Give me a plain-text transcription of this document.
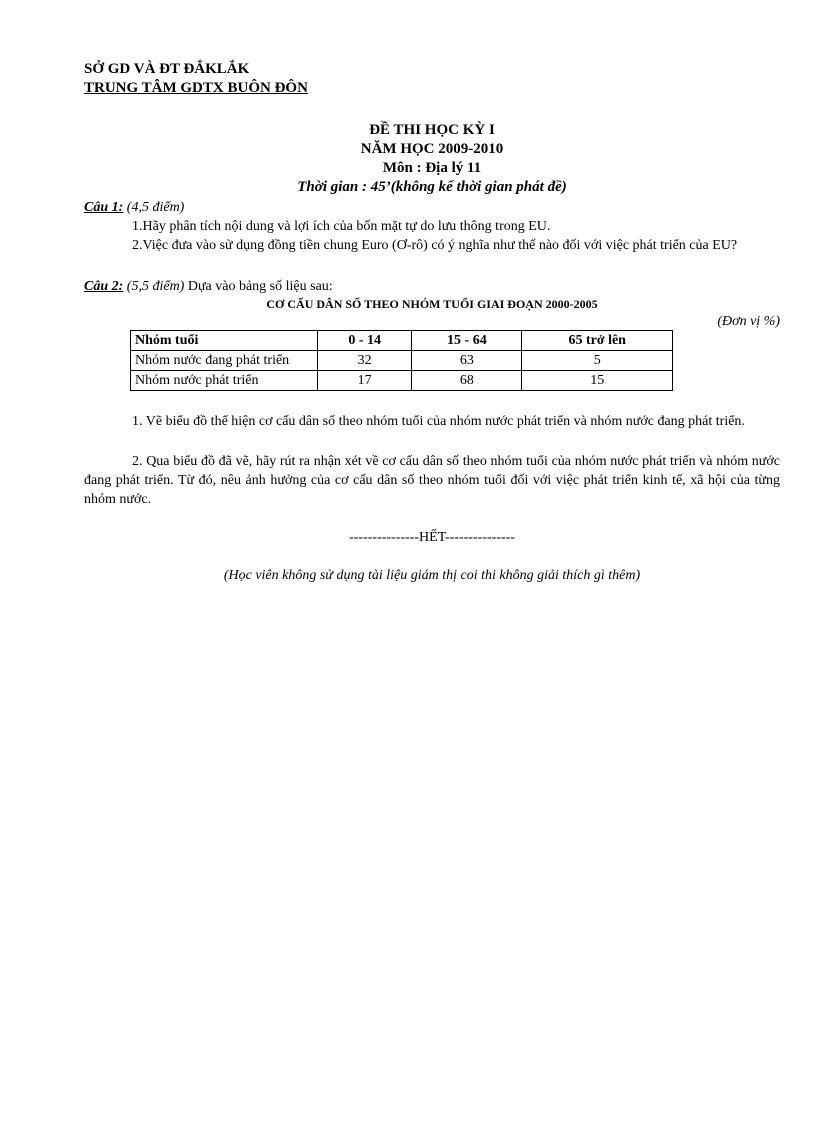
SỞ GD VÀ ĐT ĐẮKLẮK
TRUNG TÂM GDTX BUÔN ĐÔN
ĐỀ THI HỌC KỲ I
NĂM HỌC 2009-2010
Môn : Địa lý 11
Thời gian : 45’(không kể thời gian phát đề)
Câu 1: (4,5 điểm)
1.Hãy phân tích nội dung và lợi ích của bốn mặt tự do lưu thông trong EU.
2.Việc đưa vào sử dụng đồng tiền chung Euro (Ơ-rô) có ý nghĩa như thế nào đối với việc phát triển của EU?
Câu 2: (5,5 điểm) Dựa vào bảng số liệu sau:
CƠ CẤU DÂN SỐ THEO NHÓM TUỔI GIAI ĐOẠN 2000-2005
(Đơn vị %)
Nhóm tuổi	0 - 14	15 - 64	65 trở lên
Nhóm nước đang phát triển	32	63	5
Nhóm nước phát triển	17	68	15
1. Vẽ biểu đồ thể hiện cơ cấu dân số theo nhóm tuổi của nhóm nước phát triển và nhóm nước đang phát triển.
2. Qua biểu đồ đã vẽ, hãy rút ra nhận xét về cơ cấu dân số theo nhóm tuổi của nhóm nước phát triển và nhóm nước đang phát triển. Từ đó, nêu ảnh hưởng của cơ cấu dân số theo nhóm tuổi đối với việc phát triển kinh tế, xã hội của từng nhóm nước.
---------------HẾT---------------
(Học viên không sử dụng tài liệu giám thị coi thi không giải thích gì thêm)
